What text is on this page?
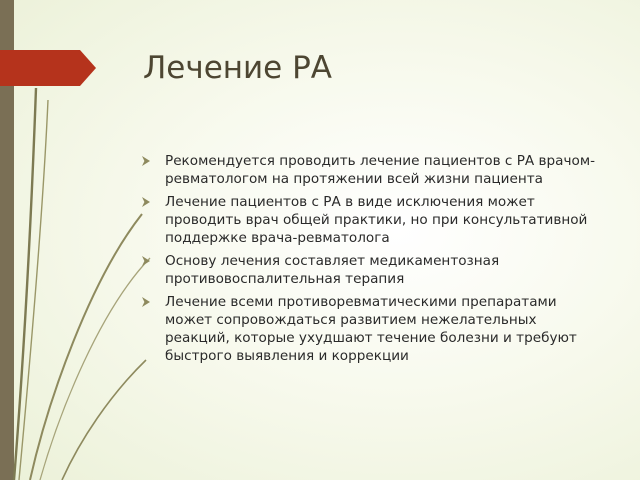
Лечение РА
Рекомендуется проводить лечение пациентов с РА врачом-ревматологом на протяжении всей жизни пациента
Лечение пациентов с РА в виде исключения может проводить врач общей практики, но при консультативной поддержке врача-ревматолога
Основу лечения составляет медикаментозная противовоспалительная терапия
Лечение всеми противоревматическими препаратами может сопровождаться развитием нежелательных реакций, которые ухудшают течение болезни и требуют быстрого выявления и коррекции
